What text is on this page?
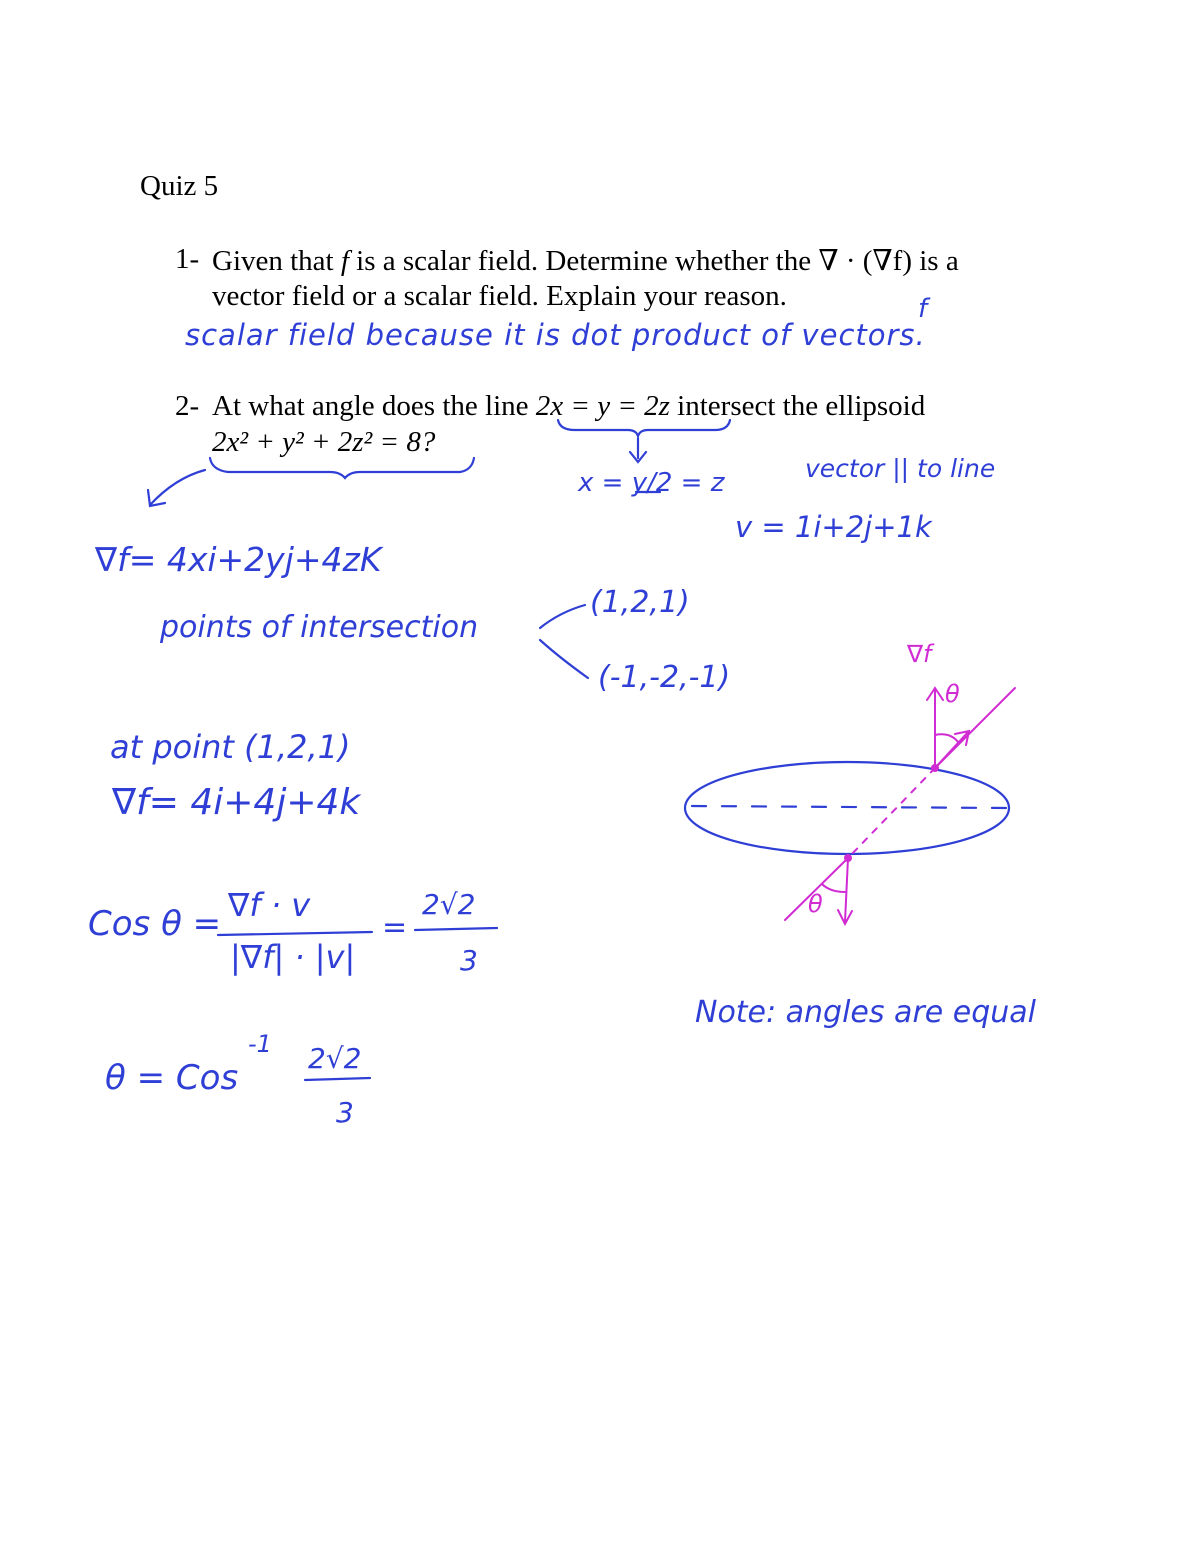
Quiz 5
1- Given that f is a scalar field. Determine whether the ∇ · (∇f) is a
vector field or a scalar field. Explain your reason.
2- At what angle does the line 2x = y = 2z intersect the ellipsoid
2x² + y² + 2z² = 8?
scalar field because it is dot product of vectors.
f
x = y/2 = z	vector || to line
v = 1i+2j+1k
∇f= 4xi+2yj+4zK
points of intersection
(1,2,1)
(-1,-2,-1)
at point (1,2,1)
∇f= 4i+4j+4k
Cos θ = ∇f · v
|∇f| · |v|
=
2√2
3
θ = Cos
-1 2√2
3
Note: angles are equal
∇f
θ
θ
